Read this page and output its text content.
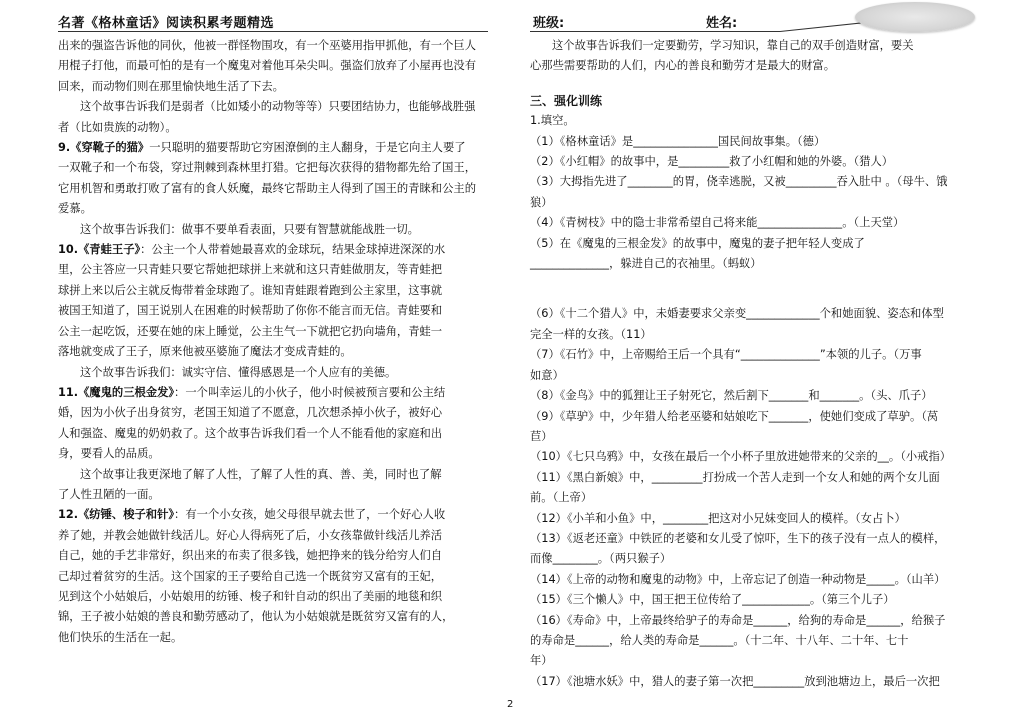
名著《格林童话》阅读积累考题精选	班级:	姓名:

出来的强盗告诉他的同伙，他被一群怪物围攻，有一个巫婆用指甲抓他，有一个巨人

用棍子打他，而最可怕的是有一个魔鬼对着他耳朵尖叫。强盗们放弃了小屋再也没有

回来，而动物们则在那里愉快地生活了下去。

这个故事告诉我们是弱者（比如矮小的动物等等）只要团结协力，也能够战胜强

者（比如贵族的动物）。

9.《穿靴子的猫》一只聪明的猫要帮助它穷困潦倒的主人翻身，于是它向主人要了

一双靴子和一个布袋，穿过荆棘到森林里打猎。它把每次获得的猎物都先给了国王，

它用机智和勇敢打败了富有的食人妖魔，最终它帮助主人得到了国王的青睐和公主的

爱慕。

这个故事告诉我们：做事不要单看表面，只要有智慧就能战胜一切。

10.《青蛙王子》：公主一个人带着她最喜欢的金球玩，结果金球掉进深深的水

里，公主答应一只青蛙只要它帮她把球拼上来就和这只青蛙做朋友，等青蛙把

球拼上来以后公主就反悔带着金球跑了。谁知青蛙跟着跑到公主家里，这事就

被国王知道了，国王说别人在困难的时候帮助了你你不能言而无信。青蛙要和

公主一起吃饭，还要在她的床上睡觉，公主生气一下就把它扔向墙角，青蛙一

落地就变成了王子，原来他被巫婆施了魔法才变成青蛙的。

这个故事告诉我们：诚实守信、懂得感恩是一个人应有的美德。

11.《魔鬼的三根金发》：一个叫幸运儿的小伙子，他小时候被预言要和公主结

婚，因为小伙子出身贫穷，老国王知道了不愿意，几次想杀掉小伙子，被好心

人和强盗、魔鬼的奶奶救了。这个故事告诉我们看一个人不能看他的家庭和出

身，要看人的品质。

这个故事让我更深地了解了人性，了解了人性的真、善、美，同时也了解

了人性丑陋的一面。

12.《纺锤、梭子和针》：有一个小女孩，她父母很早就去世了，一个好心人收

养了她，并教会她做针线活儿。好心人得病死了后，小女孩靠做针线活儿养活

自己，她的手艺非常好，织出来的布卖了很多钱，她把挣来的钱分给穷人们自

己却过着贫穷的生活。这个国家的王子要给自己选一个既贫穷又富有的王妃，

见到这个小姑娘后，小姑娘用的纺锤、梭子和针自动的织出了美丽的地毯和织

锦，王子被小姑娘的善良和勤劳感动了，他认为小姑娘就是既贫穷又富有的人，

他们快乐的生活在一起。

这个故事告诉我们一定要勤劳，学习知识，靠自己的双手创造财富，要关

心那些需要帮助的人们，内心的善良和勤劳才是最大的财富。

三、强化训练

1.填空。

（1）《格林童话》是_______________国民间故事集。（德）

（2）《小红帽》的故事中，是_________救了小红帽和她的外婆。（猎人）

（3）大拇指先进了________的胃，侥幸逃脱，又被_________吞入肚中 。（母牛、饿

狼）

（4）《青树枝》中的隐士非常希望自己将来能_______________。（上天堂）

（5）在《魔鬼的三根金发》的故事中，魔鬼的妻子把年轻人变成了

______________，躲进自己的衣袖里。（蚂蚁）

（6）《十二个猎人》中，未婚妻要求父亲变_____________个和她面貌、姿态和体型

完全一样的女孩。（11）

（7）《石竹》中，上帝赐给王后一个具有“______________”本领的儿子。（万事

如意）

（8）《金鸟》中的狐狸让王子射死它，然后割下_______和_______。（头、爪子）

（9）《草驴》中，少年猎人给老巫婆和姑娘吃下_______，使她们变成了草驴。（莴

苣）

（10）《七只乌鸦》中，女孩在最后一个小杯子里放进她带来的父亲的__。（小戒指）

（11）《黑白新娘》中，_________打扮成一个苦人走到一个女人和她的两个女儿面

前。（上帝）

（12）《小羊和小鱼》中，________把这对小兄妹变回人的模样。（女占卜）

（13）《返老还童》中铁匠的老婆和女儿受了惊吓，生下的孩子没有一点人的模样，

而像________。（两只猴子）

（14）《上帝的动物和魔鬼的动物》中，上帝忘记了创造一种动物是_____。（山羊）

（15）《三个懒人》中，国王把王位传给了____________。（第三个儿子）

（16）《寿命》中，上帝最终给驴子的寿命是______，给狗的寿命是______，给猴子

的寿命是______，给人类的寿命是______。（十二年、十八年、二十年、七十

年）

（17）《池塘水妖》中，猎人的妻子第一次把_________放到池塘边上，最后一次把

2
